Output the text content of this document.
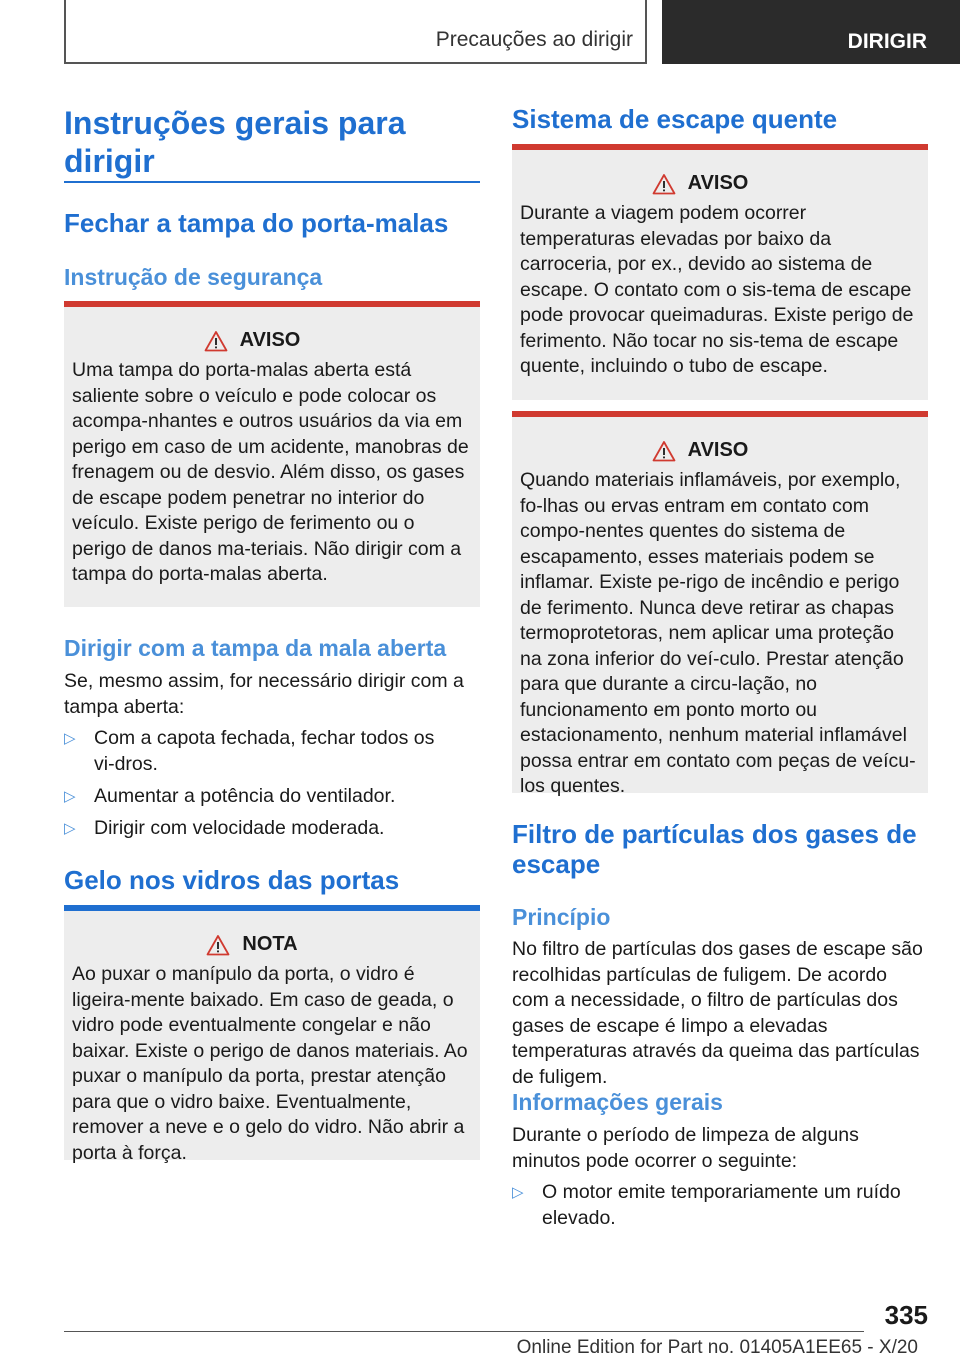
Precauções ao dirigir	DIRIGIR
Instruções gerais para dirigir
Fechar a tampa do porta-malas
Instrução de segurança
AVISO

Uma tampa do porta-malas aberta está saliente sobre o veículo e pode colocar os acompa-nhantes e outros usuários da via em perigo em caso de um acidente, manobras de frenagem ou de desvio. Além disso, os gases de escape podem penetrar no interior do veículo. Existe perigo de ferimento ou o perigo de danos ma-teriais. Não dirigir com a tampa do porta-malas aberta.

Dirigir com a tampa da mala aberta

Se, mesmo assim, for necessário dirigir com a tampa aberta:

▷ Com a capota fechada, fechar todos os vi-dros.
▷ Aumentar a potência do ventilador.
▷ Dirigir com velocidade moderada.
Gelo nos vidros das portas
NOTA

Ao puxar o manípulo da porta, o vidro é ligeira-mente baixado. Em caso de geada, o vidro pode eventualmente congelar e não baixar. Existe o perigo de danos materiais. Ao puxar o manípulo da porta, prestar atenção para que o vidro baixe. Eventualmente, remover a neve e o gelo do vidro. Não abrir a porta à força.

Sistema de escape quente
AVISO

Durante a viagem podem ocorrer temperaturas elevadas por baixo da carroceria, por ex., devido ao sistema de escape. O contato com o sis-tema de escape pode provocar queimaduras. Existe perigo de ferimento. Não tocar no sis-tema de escape quente, incluindo o tubo de escape.

AVISO

Quando materiais inflamáveis, por exemplo, fo-lhas ou ervas entram em contato com compo-nentes quentes do sistema de escapamento, esses materiais podem se inflamar. Existe pe-rigo de incêndio e perigo de ferimento. Nunca deve retirar as chapas termoprotetoras, nem aplicar uma proteção na zona inferior do veí-culo. Prestar atenção para que durante a circu-lação, no funcionamento em ponto morto ou estacionamento, nenhum material inflamável possa entrar em contato com peças de veícu-los quentes.

Filtro de partículas dos gases de escape
Princípio

No filtro de partículas dos gases de escape são recolhidas partículas de fuligem. De acordo com a necessidade, o filtro de partículas dos gases de escape é limpo a elevadas temperaturas através da queima das partículas de fuligem.

Informações gerais

Durante o período de limpeza de alguns minutos pode ocorrer o seguinte:

▷ O motor emite temporariamente um ruído elevado.
335
Online Edition for Part no. 01405A1EE65 - X/20
